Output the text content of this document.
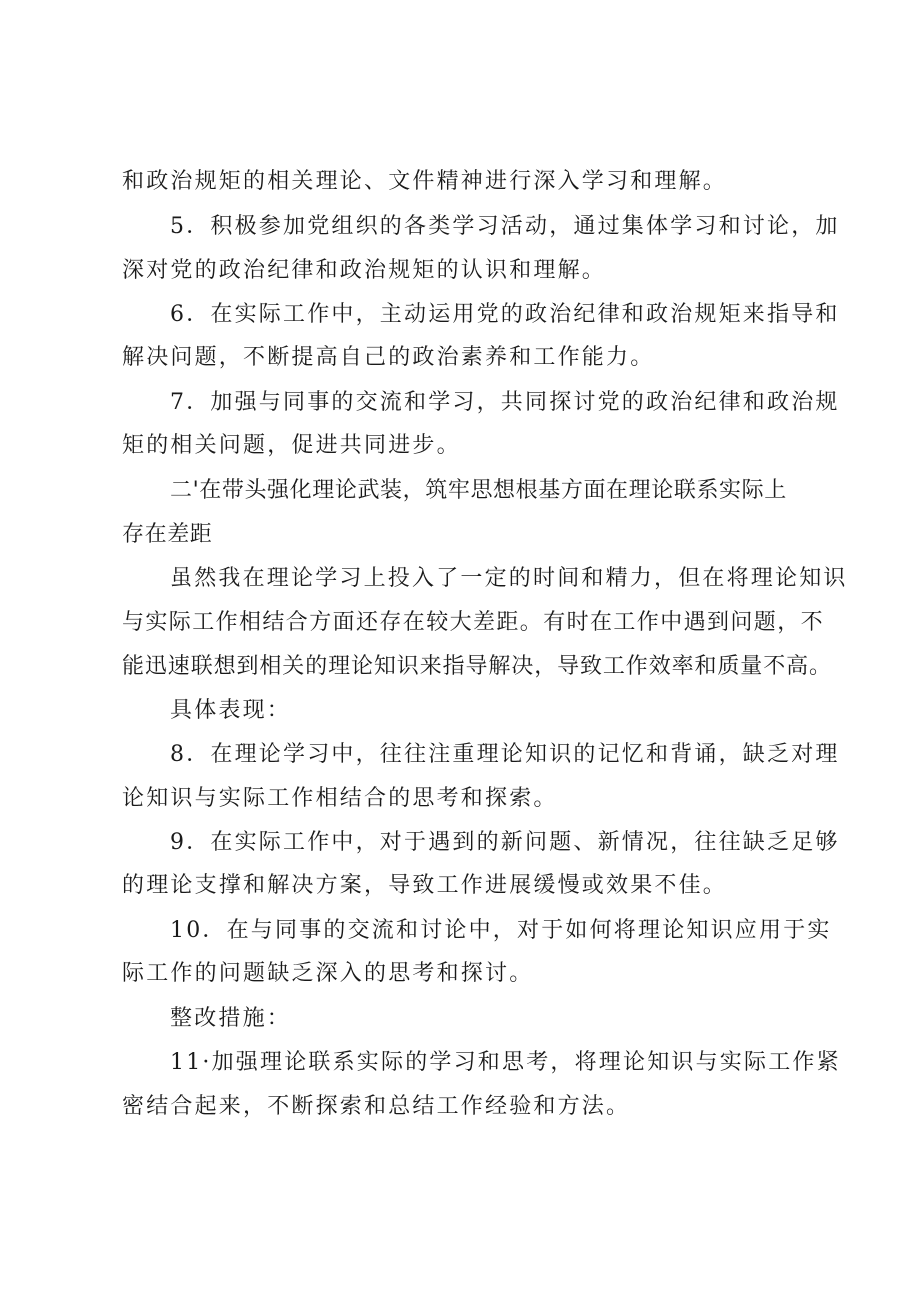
和政治规矩的相关理论、文件精神进行深入学习和理解。
5．积极参加党组织的各类学习活动，通过集体学习和讨论，加
深对党的政治纪律和政治规矩的认识和理解。
6．在实际工作中，主动运用党的政治纪律和政治规矩来指导和
解决问题，不断提高自己的政治素养和工作能力。
7．加强与同事的交流和学习，共同探讨党的政治纪律和政治规
矩的相关问题，促进共同进步。
二'在带头强化理论武装，筑牢思想根基方面在理论联系实际上
存在差距
虽然我在理论学习上投入了一定的时间和精力，但在将理论知识
与实际工作相结合方面还存在较大差距。有时在工作中遇到问题，不
能迅速联想到相关的理论知识来指导解决，导致工作效率和质量不高。
具体表现：
8．在理论学习中，往往注重理论知识的记忆和背诵，缺乏对理
论知识与实际工作相结合的思考和探索。
9．在实际工作中，对于遇到的新问题、新情况，往往缺乏足够
的理论支撑和解决方案，导致工作进展缓慢或效果不佳。
10．在与同事的交流和讨论中，对于如何将理论知识应用于实
际工作的问题缺乏深入的思考和探讨。
整改措施：
11·加强理论联系实际的学习和思考，将理论知识与实际工作紧
密结合起来，不断探索和总结工作经验和方法。
